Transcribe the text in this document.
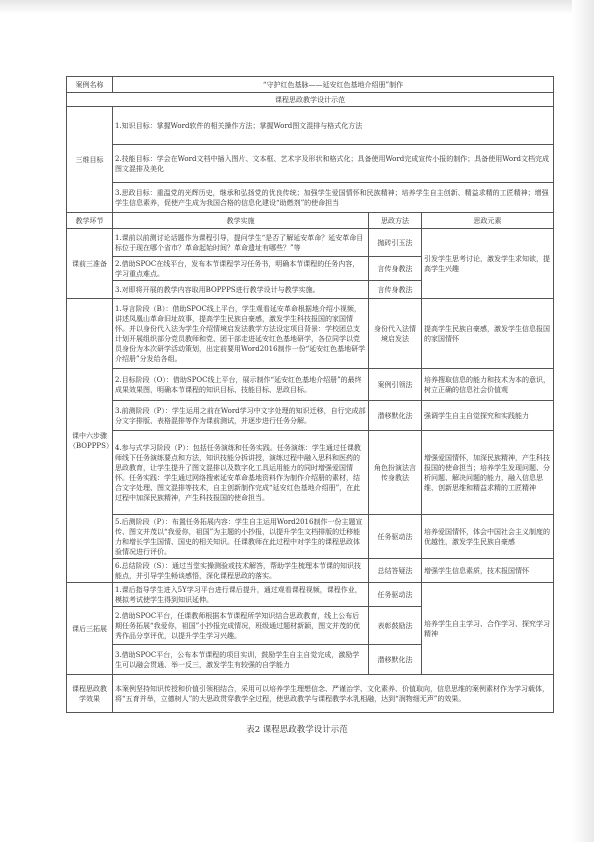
案例名称	“守护红色基脉——延安红色基地介绍册”制作		
课程思政教学设计示范			
三维目标	1.知识目标：掌握Word软件的相关操作方法；掌握Word图文混排与格式化方法		
	2.技能目标：学会在Word文档中插入图片、文本框、艺术字及形状和格式化；具备使用Word完成宣传小报的制作；具备使用Word文档完成图文混排及美化		
	3.思政目标：重温党的光辉历史，继承和弘扬党的优良传统；加强学生爱国情怀和民族精神；培养学生自主创新、精益求精的工匠精神；增强学生信息素养，促使产生成为我国合格的信息化建设“助燃剂”的使命担当		
教学环节	教学实施	思政方法	思政元素
课前三准备	1.课前以前测讨论话题作为课程引导，提问学生“是否了解延安革命？延安革命目标位于现在哪个省市？革命起始时间？革命遗址有哪些？”等	抛砖引玉法	引发学生思考讨论，激发学生求知欲，提高学生兴趣
	2.借助SPOC在线平台，发布本节课程学习任务书，明确本节课程的任务内容，学习重点难点。	言传身教法	
	3.对即将开展的教学内容取用BOPPPS进行教学设计与教学实施。	言传身教法	
课中六步骤（BOPPPS）	1.导言阶段（B）：借助SPOC线上平台，学生观看延安革命根据地介绍小视频，讲述凤凰山革命旧址故事，提高学生民族自豪感，激发学生科技报国的家国情怀。并以身份代入法为学生介绍情境启发法教学方法设定项目背景：学校团总支计划开展组织部分党员教师和党、团干部走进延安红色基地研学，各位同学以党员身份为本次研学活动策划，出定前要用Word2016制作一份“延安红色基地研学介绍册”分发给各组。	身份代入法情境启发法	提高学生民族自豪感，激发学生信息报国的家国情怀
	2.目标阶段（O）：借助SPOC线上平台，展示制作“延安红色基地介绍册”的最终成果效果图，明确本节课程的知识目标、技能目标、思政目标。	案例引领法	培养搜取信息的能力和技术为本的意识，树立正确的信息社会价值观
	3.前测阶段（P）：学生运用之前在Word学习中文字处理的知识迁移，自行完成部分文字排版、表格混排等作为课前测试，并逐步进行任务分解。	潜移默化法	强调学生自主自觉探究和实践能力
	4.参与式学习阶段（P）：包括任务演练和任务实践。任务演练：学生通过任课教师线下任务演练要点和方法，知识技能分拆讲授，演练过程中融入思科和医药的思政教育，让学生提升了图文混排以及数字化工具运用能力的同时增强爱国情怀。任务实践：学生通过网络搜索延安革命基地资料作为制作介绍册的素材，结合文字处理、图文混排等技术，自主创新制作完成“延安红色基地介绍册”，在此过程中加深民族精神，产生科技报国的使命担当。	角色扮演法言传身教法	增强爱国情怀，加深民族精神，产生科技报国的使命担当；培养学生发现问题、分析问题、解决问题的能力，融入信息思维、创新思维和精益求精的工匠精神
	5.后测阶段（P）：布置任务拓展内容：学生自主运用Word2016制作一份主题宣传、图文并茂以“我爱你，祖国”为主题的小抄报，以提升学生文档排版的迁移能力和增长学生国情、国史的相关知识。任课教师在此过程中对学生的课程思政体验情况进行评价。	任务驱动法	培养爱国情怀，体会中国社会主义制度的优越性，激发学生民族自豪感
	6.总结阶段（S）：通过当堂实操测验或技术解答，帮助学生梳理本节课的知识技能点，并引导学生畅谈感悟，深化课程思政的落实。	总结答疑法	增强学生信息素质，技术报国情怀
课后三拓展	1.课后指导学生进入5Y学习平台进行课后提升，通过观看课程视频，课程作业，模拟考试使学生得到知识延伸。	任务驱动法	培养学生自主学习、合作学习、探究学习精神
	2.借助SPOC平台，任课教师根据本节课程所学知识结合思政教育，线上公布后期任务拓展“我爱你，祖国”小抄报完成情况，班级通过题材新颖，图文并茂的优秀作品分享评优，以提升学生学习兴趣。	表彰鼓励法	
	3.借助SPOC平台，公布本节课程的项目实训，鼓励学生自主自觉完成，激励学生可以融会贯通、举一反三，激发学生有较强的自学能力	潜移默化法	
课程思政教学效果	本案例坚持知识传授和价值引领相结合，采用可以培养学生理想信念、严谨治学、文化素养、价值取向，信息思维的案例素材作为学习载体，将“五育并举，立德树人”的大思政贯穿教学全过程，使思政教学与课程教学水乳相融，达到“润物细无声”的效果。		
表2 课程思政教学设计示范
